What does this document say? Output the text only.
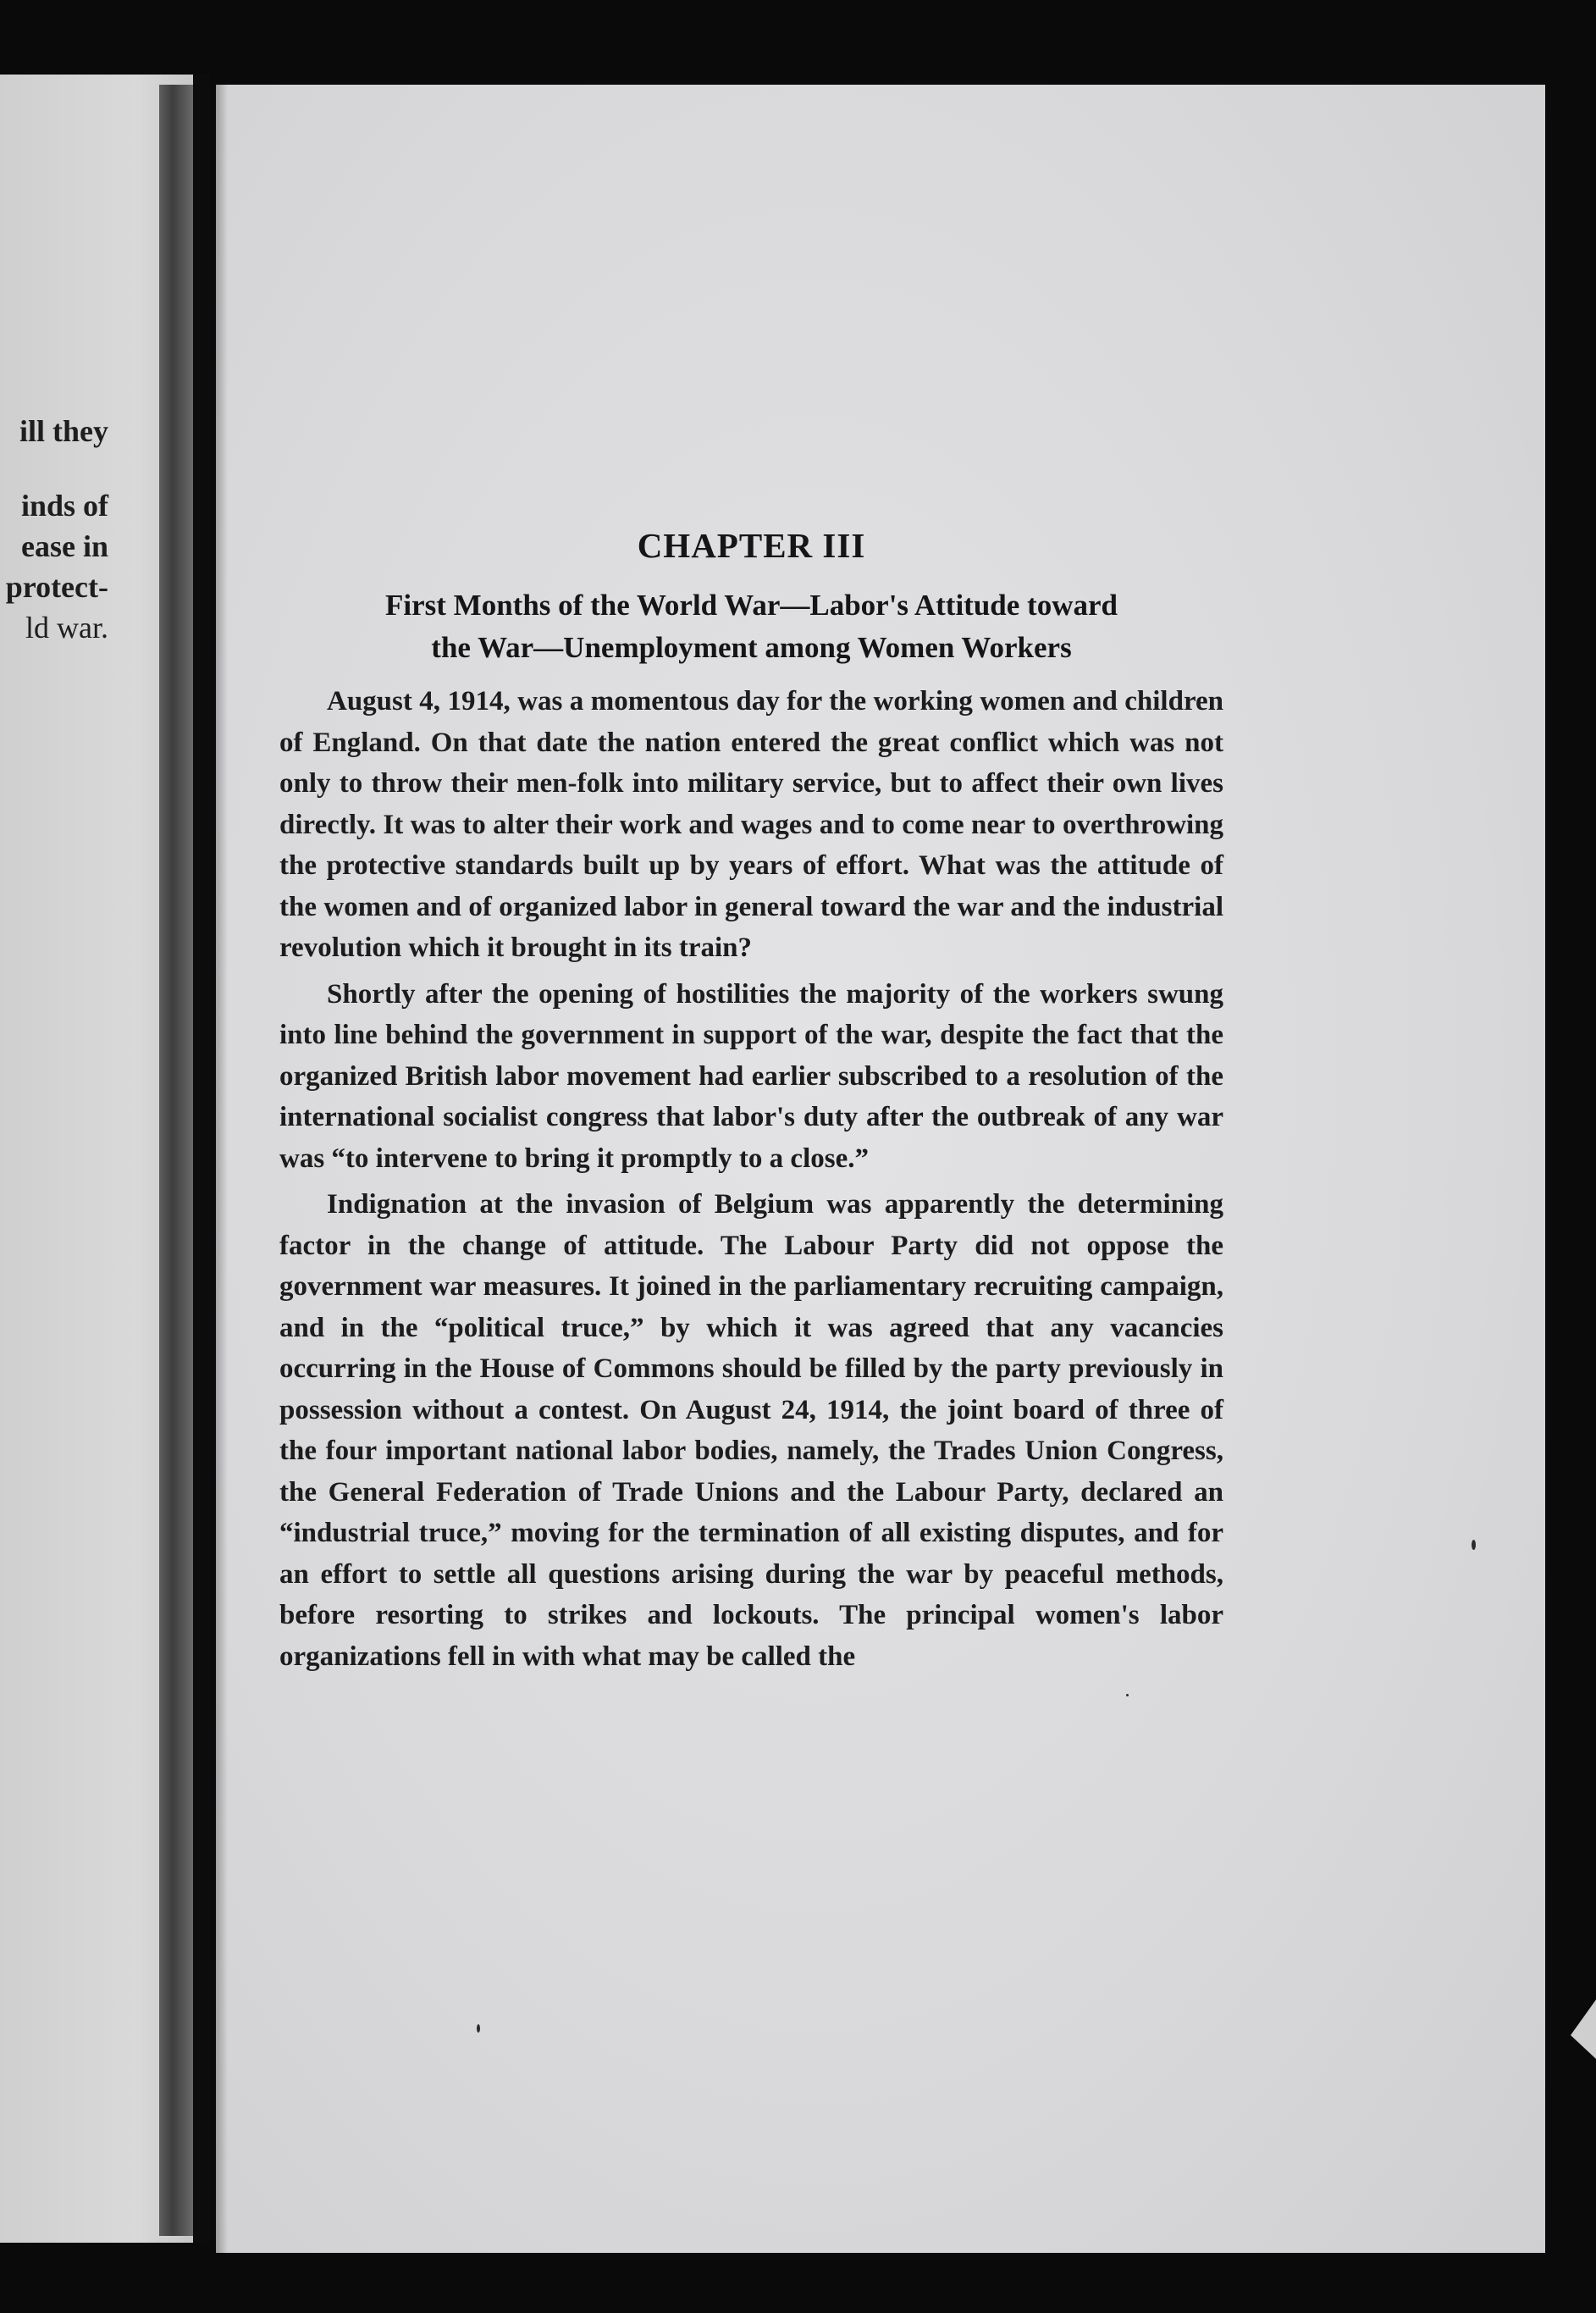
ill they
inds of
ease in
protect-
ld war.
CHAPTER III
First Months of the World War—Labor's Attitude toward
the War—Unemployment among Women Workers

August 4, 1914, was a momentous day for the working women and children of England. On that date the nation entered the great conflict which was not only to throw their men-folk into military service, but to affect their own lives directly. It was to alter their work and wages and to come near to overthrowing the protective standards built up by years of effort. What was the attitude of the women and of organized labor in general toward the war and the industrial revolution which it brought in its train?

Shortly after the opening of hostilities the majority of the workers swung into line behind the government in support of the war, despite the fact that the organized British labor movement had earlier subscribed to a resolution of the international socialist congress that labor's duty after the outbreak of any war was “to intervene to bring it promptly to a close.”

Indignation at the invasion of Belgium was apparently the determining factor in the change of attitude. The Labour Party did not oppose the government war measures. It joined in the parliamentary recruiting campaign, and in the “political truce,” by which it was agreed that any vacancies occurring in the House of Commons should be filled by the party previously in possession without a contest. On August 24, 1914, the joint board of three of the four important national labor bodies, namely, the Trades Union Congress, the General Federation of Trade Unions and the Labour Party, declared an “industrial truce,” moving for the termination of all existing disputes, and for an effort to settle all questions arising during the war by peaceful methods, before resorting to strikes and lockouts. The principal women's labor organizations fell in with what may be called the
